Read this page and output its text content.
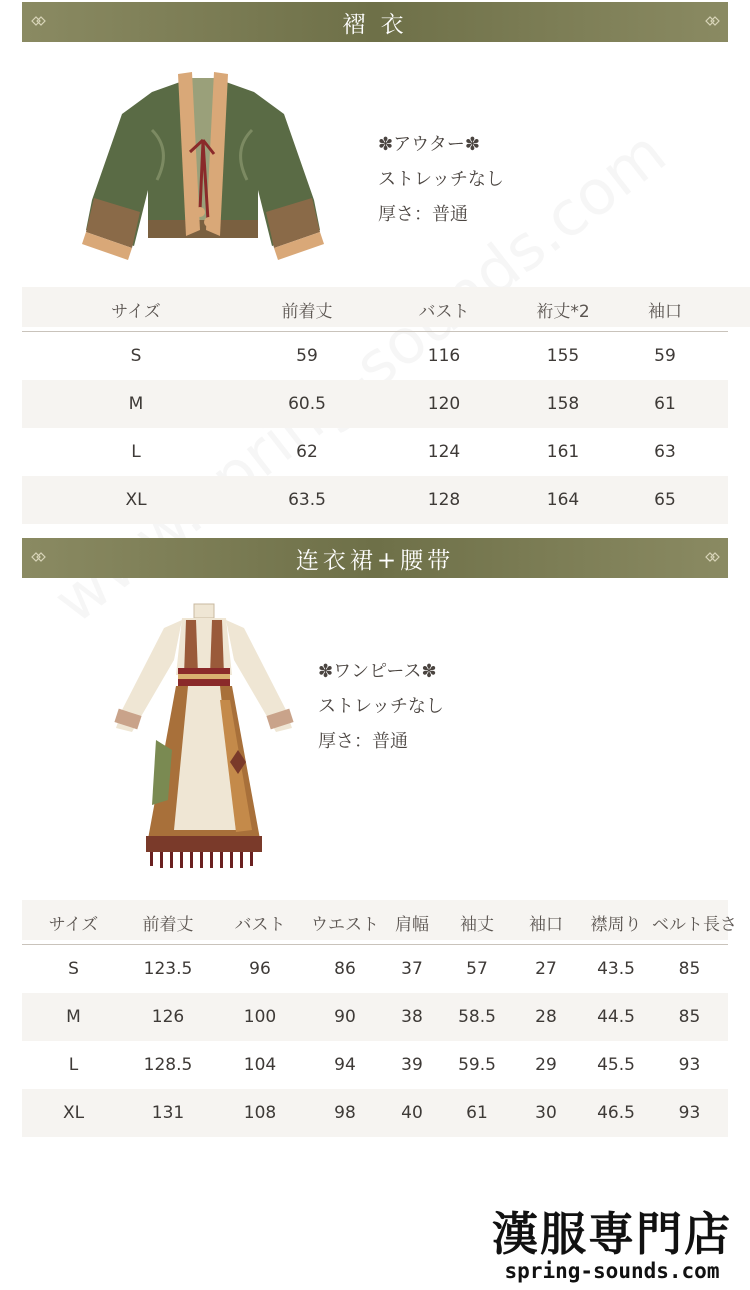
褶 衣
✽アウター✽
ストレッチなし
厚さ：普通
サイズ	前着丈	バスト	裄丈*2	袖口
S	59	116	155	59
M	60.5	120	158	61
L	62	124	161	63
XL	63.5	128	164	65
连衣裙+腰带
✽ワンピース✽
ストレッチなし
厚さ：普通
サイズ	前着丈	バスト	ウエスト	肩幅	袖丈	袖口	襟周り	ベルト長さ
S	123.5	96	86	37	57	27	43.5	85
M	126	100	90	38	58.5	28	44.5	85
L	128.5	104	94	39	59.5	29	45.5	93
XL	131	108	98	40	61	30	46.5	93
漢服専門店
spring-sounds.com
